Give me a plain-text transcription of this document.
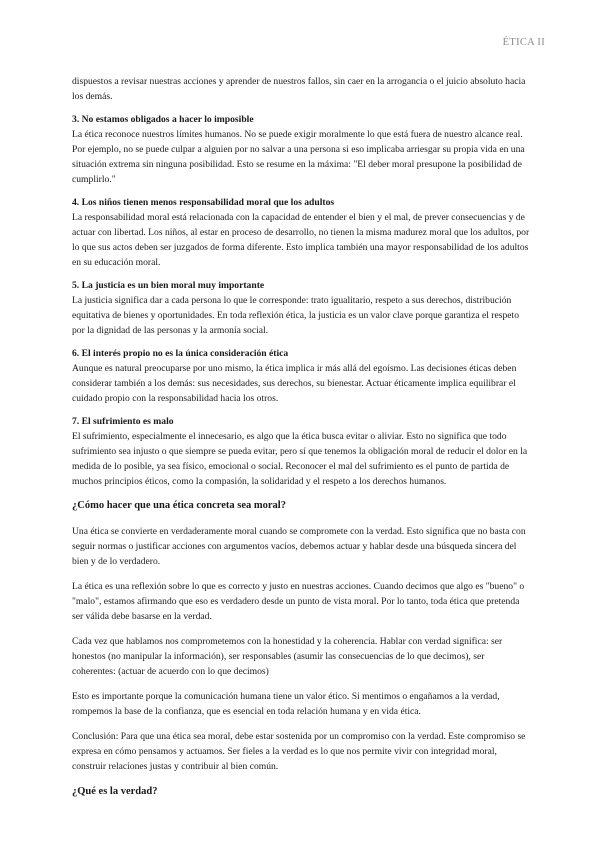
ÉTICA II

dispuestos a revisar nuestras acciones y aprender de nuestros fallos, sin caer en la arrogancia o el juicio absoluto hacia los demás.

3. No estamos obligados a hacer lo imposible

La ética reconoce nuestros límites humanos. No se puede exigir moralmente lo que está fuera de nuestro alcance real. Por ejemplo, no se puede culpar a alguien por no salvar a una persona si eso implicaba arriesgar su propia vida en una situación extrema sin ninguna posibilidad. Esto se resume en la máxima: "El deber moral presupone la posibilidad de cumplirlo."

4. Los niños tienen menos responsabilidad moral que los adultos

La responsabilidad moral está relacionada con la capacidad de entender el bien y el mal, de prever consecuencias y de actuar con libertad. Los niños, al estar en proceso de desarrollo, no tienen la misma madurez moral que los adultos, por lo que sus actos deben ser juzgados de forma diferente. Esto implica también una mayor responsabilidad de los adultos en su educación moral.

5. La justicia es un bien moral muy importante

La justicia significa dar a cada persona lo que le corresponde: trato igualitario, respeto a sus derechos, distribución equitativa de bienes y oportunidades. En toda reflexión ética, la justicia es un valor clave porque garantiza el respeto por la dignidad de las personas y la armonía social.

6. El interés propio no es la única consideración ética

Aunque es natural preocuparse por uno mismo, la ética implica ir más allá del egoísmo. Las decisiones éticas deben considerar también a los demás: sus necesidades, sus derechos, su bienestar. Actuar éticamente implica equilibrar el cuidado propio con la responsabilidad hacia los otros.

7. El sufrimiento es malo

El sufrimiento, especialmente el innecesario, es algo que la ética busca evitar o aliviar. Esto no significa que todo sufrimiento sea injusto o que siempre se pueda evitar, pero sí que tenemos la obligación moral de reducir el dolor en la medida de lo posible, ya sea físico, emocional o social. Reconocer el mal del sufrimiento es el punto de partida de muchos principios éticos, como la compasión, la solidaridad y el respeto a los derechos humanos.

¿Cómo hacer que una ética concreta sea moral?

Una ética se convierte en verdaderamente moral cuando se compromete con la verdad. Esto significa que no basta con seguir normas o justificar acciones con argumentos vacíos, debemos actuar y hablar desde una búsqueda sincera del bien y de lo verdadero.

La ética es una reflexión sobre lo que es correcto y justo en nuestras acciones. Cuando decimos que algo es "bueno" o "malo", estamos afirmando que eso es verdadero desde un punto de vista moral. Por lo tanto, toda ética que pretenda ser válida debe basarse en la verdad.

Cada vez que hablamos nos comprometemos con la honestidad y la coherencia. Hablar con verdad significa: ser honestos (no manipular la información), ser responsables (asumir las consecuencias de lo que decimos), ser coherentes: (actuar de acuerdo con lo que decimos)

Esto es importante porque la comunicación humana tiene un valor ético. Si mentimos o engañamos a la verdad, rompemos la base de la confianza, que es esencial en toda relación humana y en vida ética.

Conclusión: Para que una ética sea moral, debe estar sostenida por un compromiso con la verdad. Este compromiso se expresa en cómo pensamos y actuamos. Ser fieles a la verdad es lo que nos permite vivir con integridad moral, construir relaciones justas y contribuir al bien común.

¿Qué es la verdad?
